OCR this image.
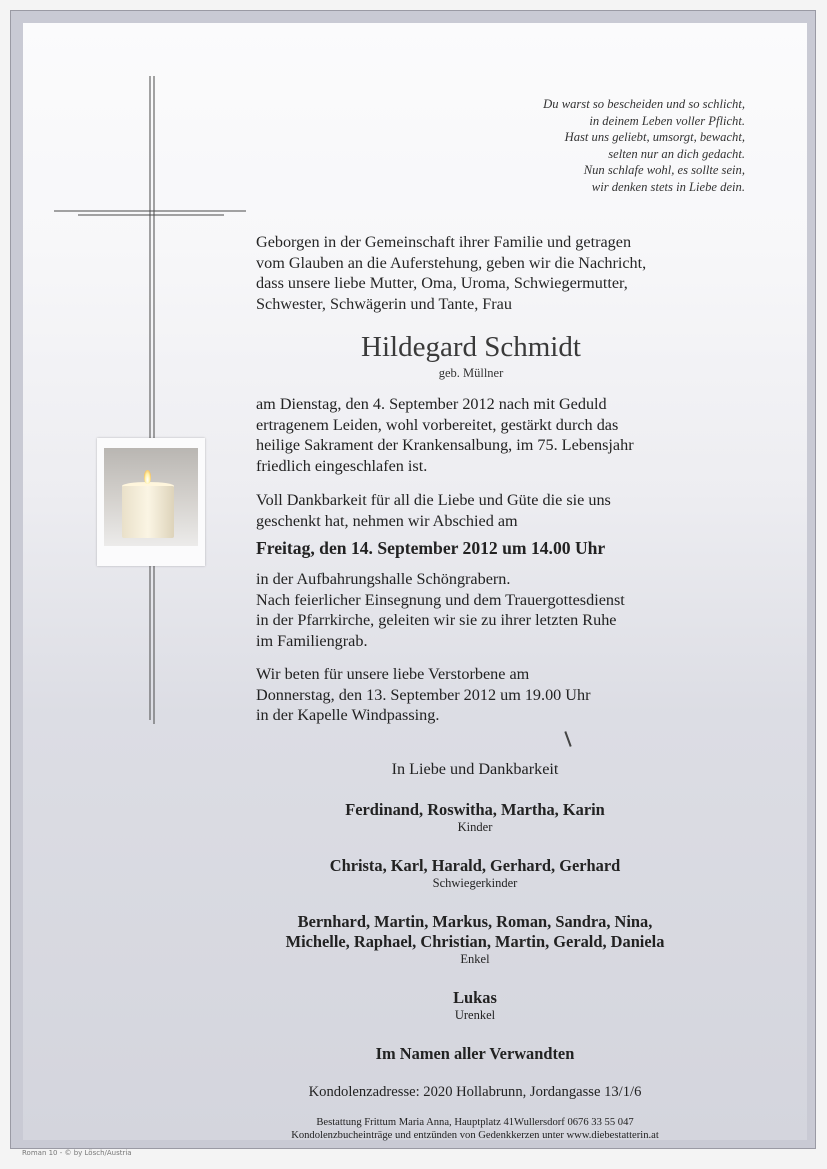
Du warst so bescheiden und so schlicht,
in deinem Leben voller Pflicht.
Hast uns geliebt, umsorgt, bewacht,
selten nur an dich gedacht.
Nun schlafe wohl, es sollte sein,
wir denken stets in Liebe dein.
Geborgen in der Gemeinschaft ihrer Familie und getragen
vom Glauben an die Auferstehung, geben wir die Nachricht,
dass unsere liebe Mutter, Oma, Uroma, Schwiegermutter,
Schwester, Schwägerin und Tante, Frau
Hildegard Schmidt
geb. Müllner
am Dienstag, den 4. September 2012 nach mit Geduld
ertragenem Leiden, wohl vorbereitet, gestärkt durch das
heilige Sakrament der Krankensalbung, im 75. Lebensjahr
friedlich eingeschlafen ist.
Voll Dankbarkeit für all die Liebe und Güte die sie uns
geschenkt hat, nehmen wir Abschied am
Freitag, den 14. September 2012 um 14.00 Uhr
in der Aufbahrungshalle Schöngrabern.
Nach feierlicher Einsegnung und dem Trauergottesdienst
in der Pfarrkirche, geleiten wir sie zu ihrer letzten Ruhe
im Familiengrab.
Wir beten für unsere liebe Verstorbene am
Donnerstag, den 13. September 2012 um 19.00 Uhr
in der Kapelle Windpassing.
In Liebe und Dankbarkeit
Ferdinand, Roswitha, Martha, Karin
Kinder
Christa, Karl, Harald, Gerhard, Gerhard
Schwiegerkinder
Bernhard, Martin, Markus, Roman, Sandra, Nina,
Michelle, Raphael, Christian, Martin, Gerald, Daniela
Enkel
Lukas
Urenkel
Im Namen aller Verwandten
Kondolenzadresse: 2020 Hollabrunn, Jordangasse 13/1/6
Bestattung Frittum Maria Anna, Hauptplatz 41Wullersdorf 0676 33 55 047
Kondolenzbucheinträge und entzünden von Gedenkkerzen unter www.diebestatterin.at
Roman 10 - © by Lösch/Austria
